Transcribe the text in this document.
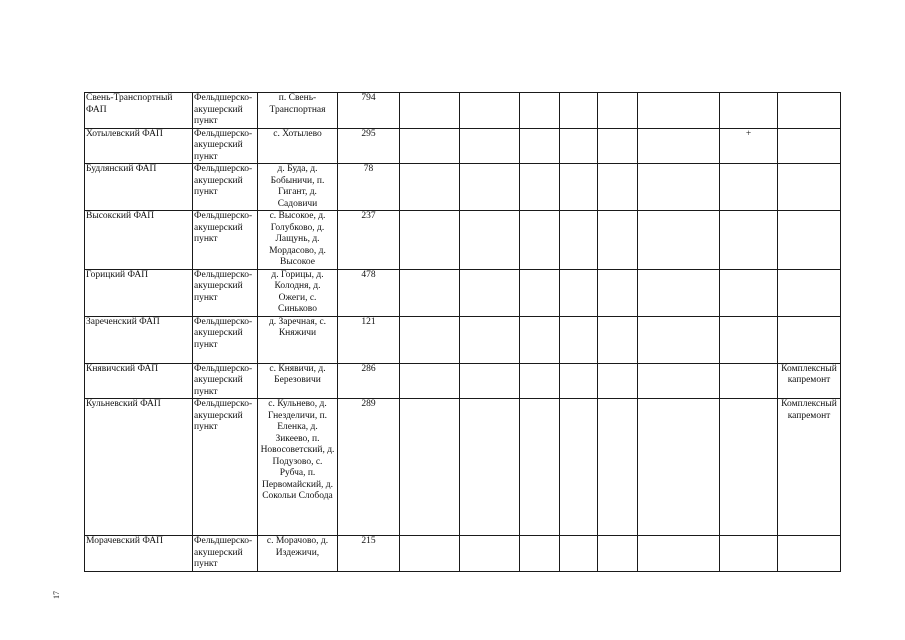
Свень-Транспортный ФАП	Фельдшерско-акушерский пункт	п. Свень-Транспортная	794								
Хотылевский ФАП	Фельдшерско-акушерский пункт	с. Хотылево	295							+	
Будлянский ФАП	Фельдшерско-акушерский пункт	д. Буда, д. Бобыничи, п. Гигант, д. Садовичи	78								
Высокский ФАП	Фельдшерско-акушерский пункт	с. Высокое, д. Голубково, д. Лащунь, д. Мордасово, д. Высокое	237								
Горицкий ФАП	Фельдшерско-акушерский пункт	д. Горицы, д. Колодня, д. Ожеги, с. Синьково	478								
Зареченский ФАП	Фельдшерско-акушерский пункт	д. Заречная, с. Княжичи	121								
Княвичский ФАП	Фельдшерско-акушерский пункт	с. Княвичи, д. Березовичи	286								Комплексный капремонт
Кульневский ФАП	Фельдшерско-акушерский пункт	с. Кульнево, д. Гнезделичи, п. Еленка, д. Зикеево, п. Новосоветский, д. Подузово, с. Рубча, п. Первомайский, д. Сокольи Слобода	289								Комплексный капремонт
Морачевский ФАП	Фельдшерско-акушерский пункт	с. Морачово, д. Издежичи,	215								
17
